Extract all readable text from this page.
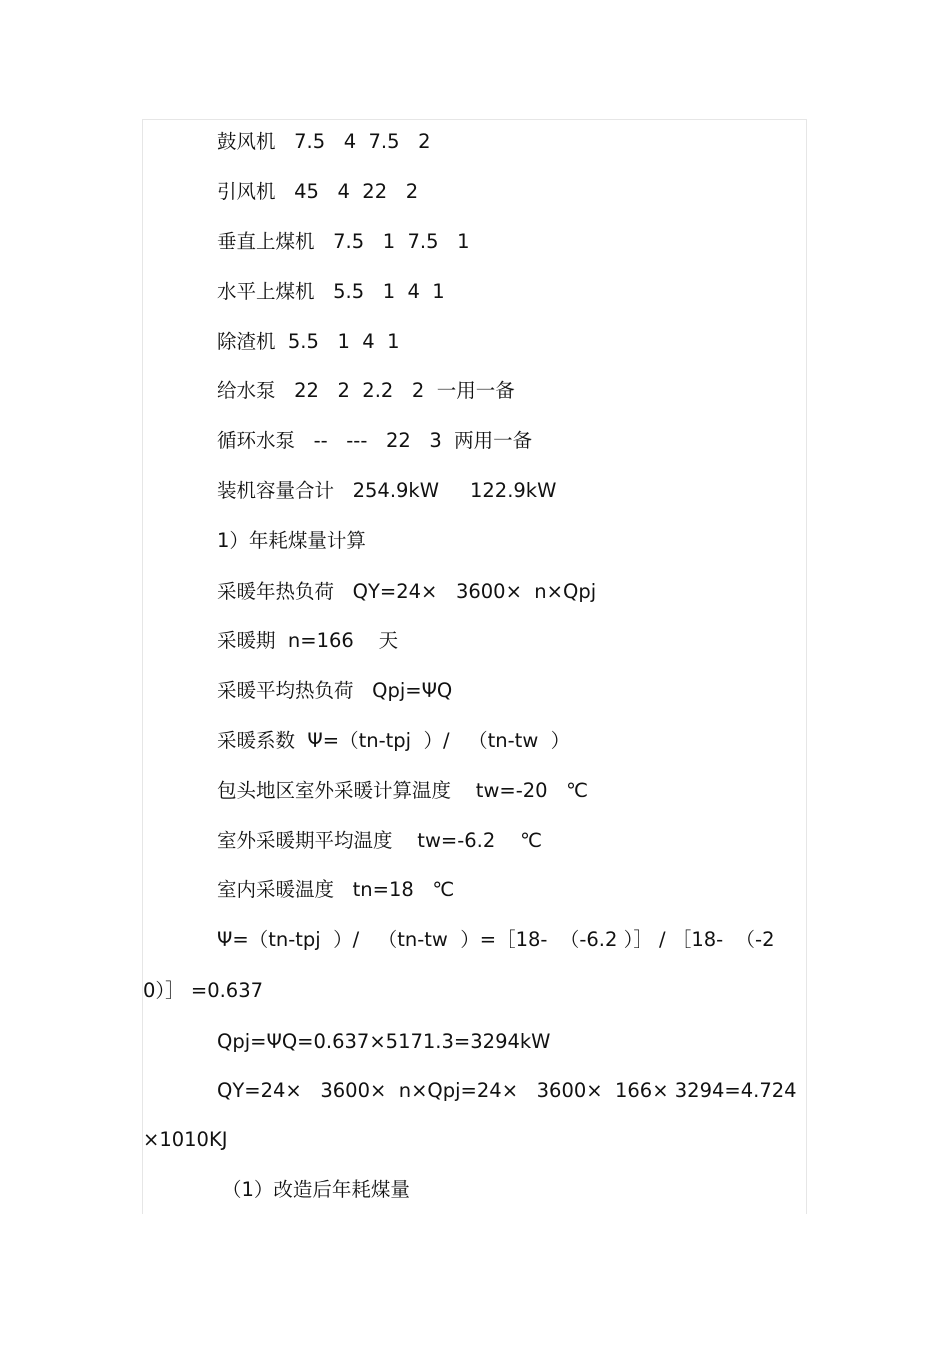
鼓风机   7.5   4  7.5   2
引风机   45   4  22   2
垂直上煤机   7.5   1  7.5   1
水平上煤机   5.5   1  4  1
除渣机  5.5   1  4  1
给水泵   22   2  2.2   2  一用一备
循环水泵   --   ---   22   3  两用一备
装机容量合计   254.9kW     122.9kW
1）年耗煤量计算
采暖年热负荷   QY=24×   3600×  n×Qpj
采暖期  n=166    天
采暖平均热负荷   Qpj=ΨQ
采暖系数  Ψ=（tn-tpj  ）/   （tn-tw  ）
包头地区室外采暖计算温度    tw=-20   ℃
室外采暖期平均温度    tw=-6.2    ℃
室内采暖温度   tn=18   ℃
Ψ=（tn-tpj  ）/   （tn-tw  ）=［18-  （-6.2 ）］ / ［18-  （-2
0）］ =0.637
Qpj=ΨQ=0.637×5171.3=3294kW
QY=24×   3600×  n×Qpj=24×   3600×  166× 3294=4.724
×1010KJ
（1）改造后年耗煤量
